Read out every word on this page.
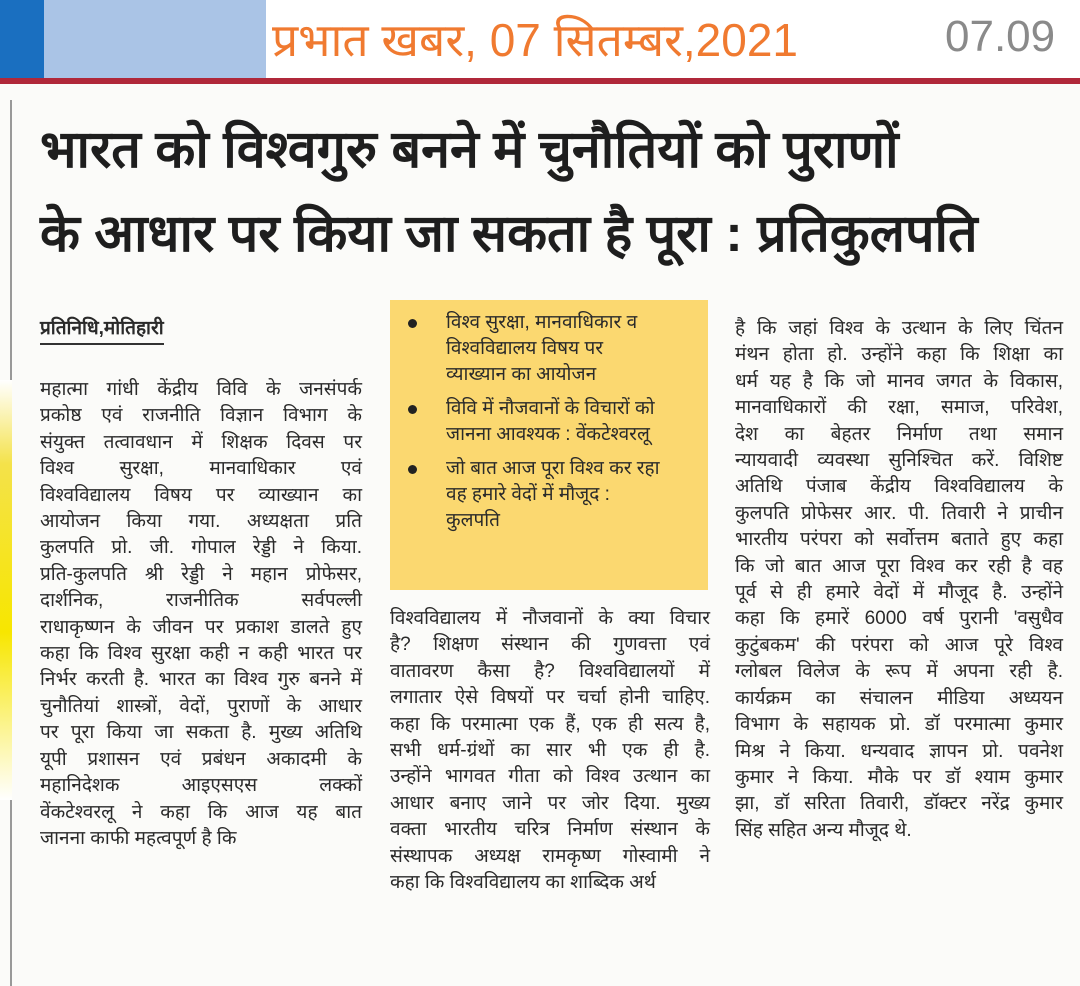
प्रभात खबर, 07 सितम्बर,2021	07.09
भारत को विश्वगुरु बनने में चुनौतियों को पुराणों
के आधार पर किया जा सकता है पूरा : प्रतिकुलपति
प्रतिनिधि,मोतिहारी
महात्मा गांधी केंद्रीय विवि के जनसंपर्क
प्रकोष्ठ एवं राजनीति विज्ञान विभाग के
संयुक्त तत्वावधान में शिक्षक दिवस पर
विश्व सुरक्षा, मानवाधिकार एवं
विश्वविद्यालय विषय पर व्याख्यान का
आयोजन किया गया. अध्यक्षता प्रति
कुलपति प्रो. जी. गोपाल रेड्डी ने किया.
प्रति-कुलपति श्री रेड्डी ने महान प्रोफेसर,
दार्शनिक, राजनीतिक सर्वपल्ली
राधाकृष्णन के जीवन पर प्रकाश डालते हुए
कहा कि विश्व सुरक्षा कही न कही भारत पर
निर्भर करती है. भारत का विश्व गुरु बनने में
चुनौतियां शास्त्रों, वेदों, पुराणों के आधार
पर पूरा किया जा सकता है. मुख्य अतिथि
यूपी प्रशासन एवं प्रबंधन अकादमी के
महानिदेशक आइएसएस लक्कों
वेंकटेश्वरलू ने कहा कि आज यह बात
जानना काफी महत्वपूर्ण है कि
विश्व सुरक्षा, मानवाधिकार व
विश्वविद्यालय विषय पर
व्याख्यान का आयोजन
विवि में नौजवानों के विचारों को
जानना आवश्यक : वेंकटेश्वरलू
जो बात आज पूरा विश्व कर रहा
वह हमारे वेदों में मौजूद :
कुलपति
विश्वविद्यालय में नौजवानों के क्या विचार
है? शिक्षण संस्थान की गुणवत्ता एवं
वातावरण कैसा है? विश्वविद्यालयों में
लगातार ऐसे विषयों पर चर्चा होनी चाहिए.
कहा कि परमात्मा एक हैं, एक ही सत्य है,
सभी धर्म-ग्रंथों का सार भी एक ही है.
उन्होंने भागवत गीता को विश्व उत्थान का
आधार बनाए जाने पर जोर दिया. मुख्य
वक्ता भारतीय चरित्र निर्माण संस्थान के
संस्थापक अध्यक्ष रामकृष्ण गोस्वामी ने
कहा कि विश्वविद्यालय का शाब्दिक अर्थ
है कि जहां विश्व के उत्थान के लिए चिंतन
मंथन होता हो. उन्होंने कहा कि शिक्षा का
धर्म यह है कि जो मानव जगत के विकास,
मानवाधिकारों की रक्षा, समाज, परिवेश,
देश का बेहतर निर्माण तथा समान
न्यायवादी व्यवस्था सुनिश्चित करें. विशिष्ट
अतिथि पंजाब केंद्रीय विश्वविद्यालय के
कुलपति प्रोफेसर आर. पी. तिवारी ने प्राचीन
भारतीय परंपरा को सर्वोत्तम बताते हुए कहा
कि जो बात आज पूरा विश्व कर रही है वह
पूर्व से ही हमारे वेदों में मौजूद है. उन्होंने
कहा कि हमारें 6000 वर्ष पुरानी 'वसुधैव
कुटुंबकम' की परंपरा को आज पूरे विश्व
ग्लोबल विलेज के रूप में अपना रही है.
कार्यक्रम का संचालन मीडिया अध्ययन
विभाग के सहायक प्रो. डॉ परमात्मा कुमार
मिश्र ने किया. धन्यवाद ज्ञापन प्रो. पवनेश
कुमार ने किया. मौके पर डॉ श्याम कुमार
झा, डॉ सरिता तिवारी, डॉक्टर नरेंद्र कुमार
सिंह सहित अन्य मौजूद थे.
